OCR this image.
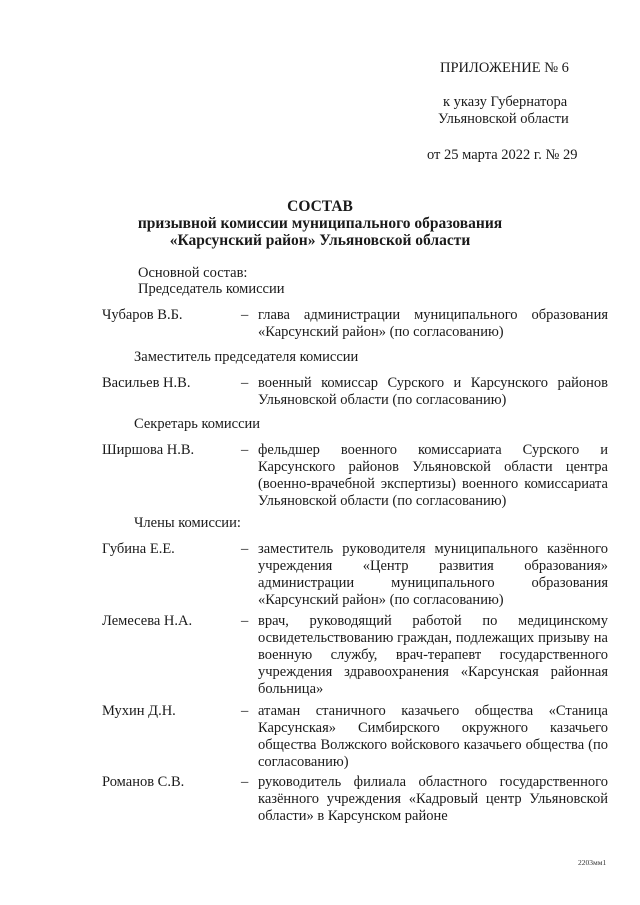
ПРИЛОЖЕНИЕ № 6
к указу Губернатора
Ульяновской области
от 25 марта 2022 г. № 29
СОСТАВ
призывной комиссии муниципального образования
«Карсунский район» Ульяновской области
Основной состав:
Председатель комиссии
Чубаров В.Б.	– глава администрации муниципального образования «Карсунский район» (по согласованию)
Заместитель председателя комиссии
Васильев Н.В.	– военный комиссар Сурского и Карсунского районов Ульяновской области (по согласованию)
Секретарь комиссии
Ширшова Н.В.	– фельдшер военного комиссариата Сурского и Карсунского районов Ульяновской области центра (военно-врачебной экспертизы) военного комиссариата Ульяновской области (по согласованию)
Члены комиссии:
Губина Е.Е.	– заместитель руководителя муниципального казённого учреждения «Центр развития образования» администрации муниципального образования «Карсунский район» (по согласованию)
Лемесева Н.А.	– врач, руководящий работой по медицинскому освидетельствованию граждан, подлежащих призыву на военную службу, врач-терапевт государственного учреждения здравоохранения «Карсунская районная больница»
Мухин Д.Н.	– атаман станичного казачьего общества «Станица Карсунская» Симбирского окружного казачьего общества Волжского войскового казачьего общества (по согласованию)
Романов С.В.	– руководитель филиала областного государственного казённого учреждения «Кадровый центр Ульяновской области» в Карсунском районе
2203мм1
